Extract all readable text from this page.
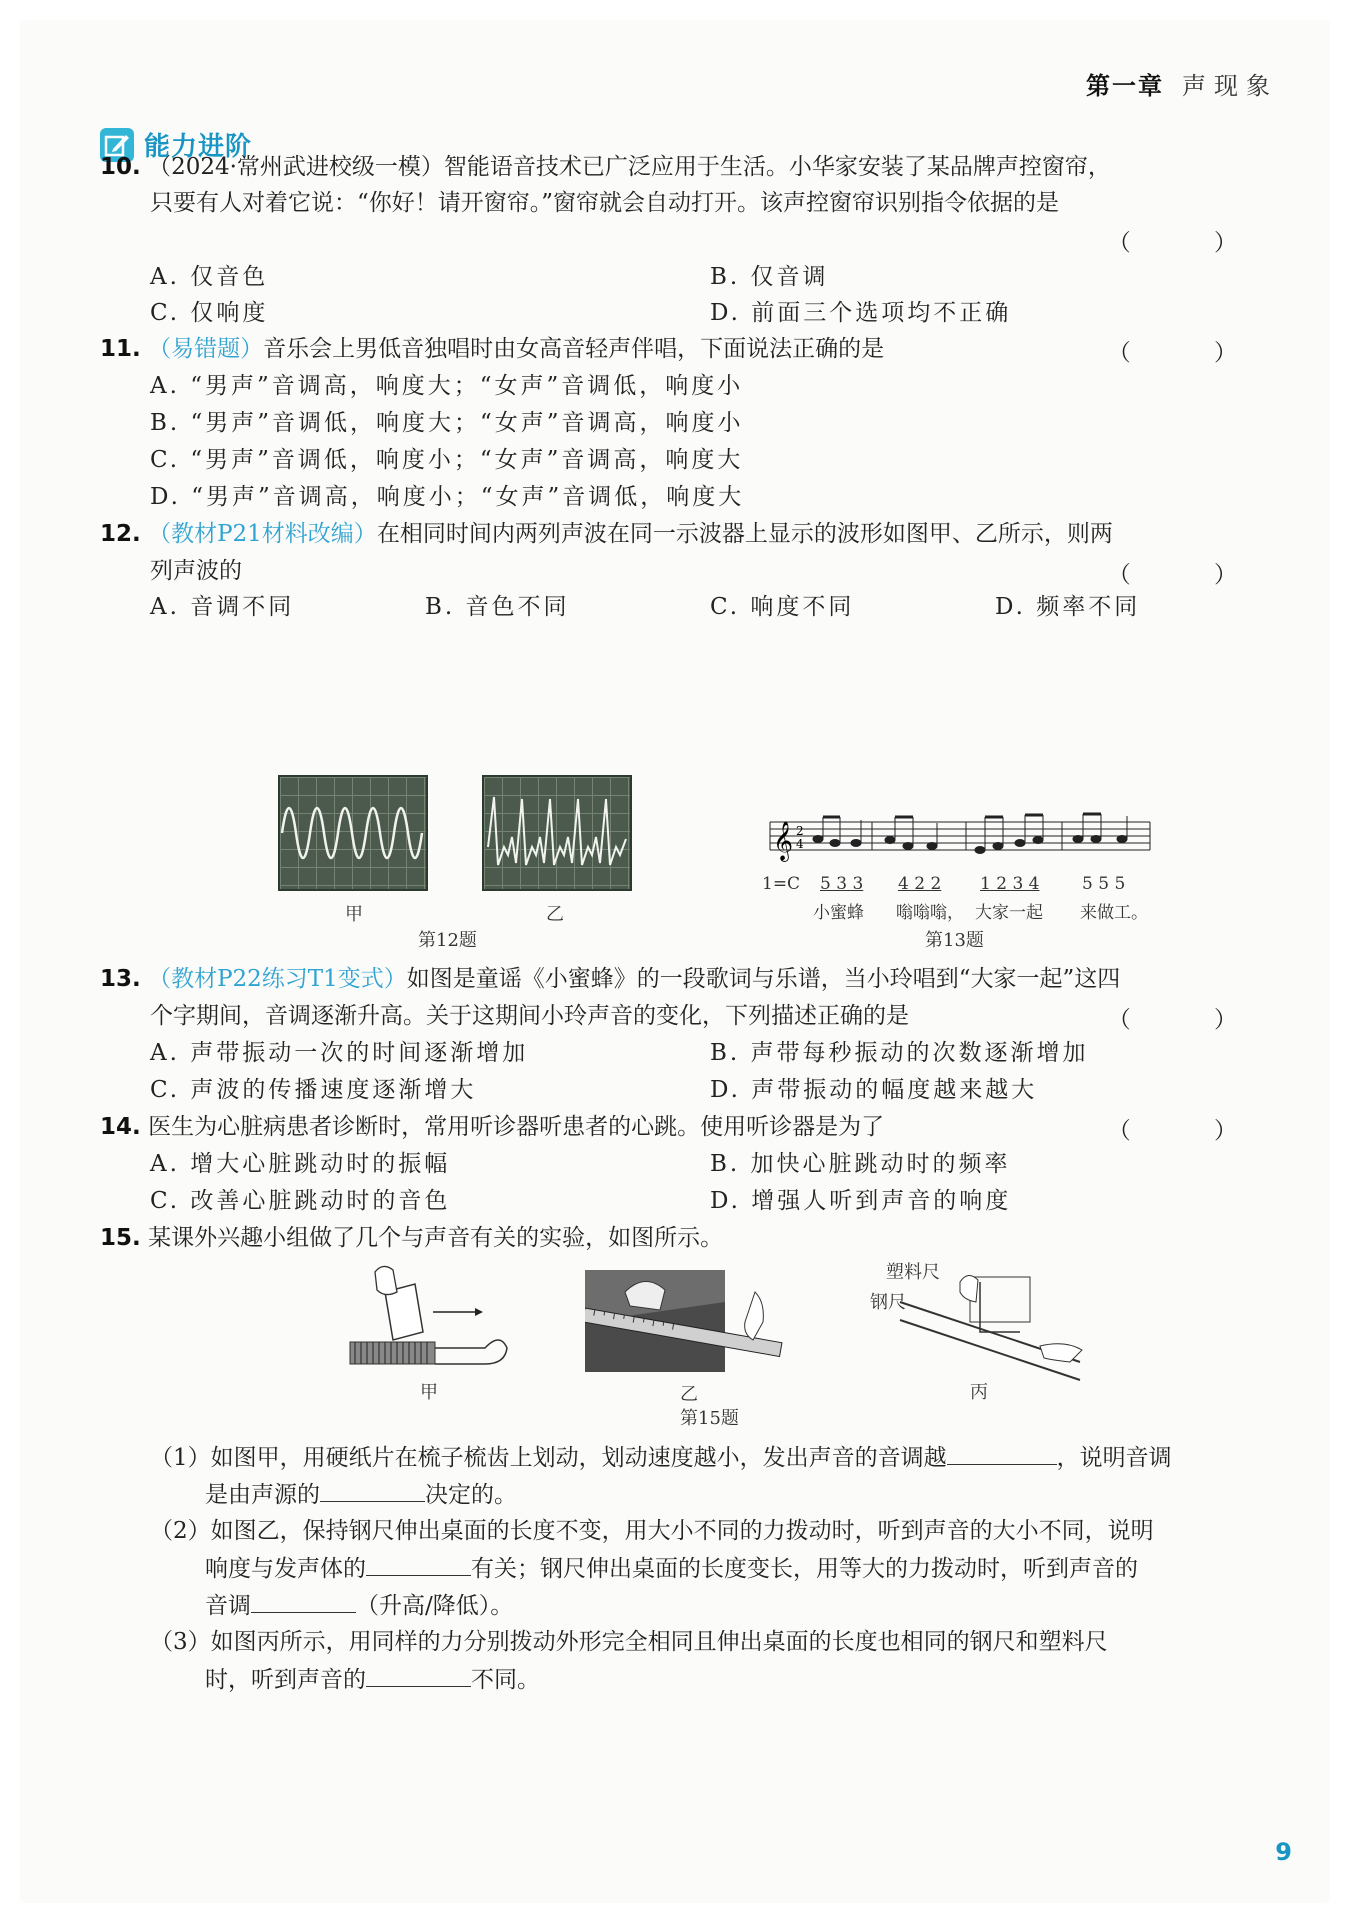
第一章 声现象
能力进阶
10. （2024·常州武进校级一模）智能语音技术已广泛应用于生活。小华家安装了某品牌声控窗帘，
只要有人对着它说：“你好！请开窗帘。”窗帘就会自动打开。该声控窗帘识别指令依据的是
（ ）
A. 仅音色	B. 仅音调
C. 仅响度	D. 前面三个选项均不正确
11. （易错题）音乐会上男低音独唱时由女高音轻声伴唱，下面说法正确的是	（ ）
A. “男声”音调高，响度大；“女声”音调低，响度小
B. “男声”音调低，响度大；“女声”音调高，响度小
C. “男声”音调低，响度小；“女声”音调高，响度大
D. “男声”音调高，响度小；“女声”音调低，响度大
12. （教材P21材料改编）在相同时间内两列声波在同一示波器上显示的波形如图甲、乙所示，则两
列声波的	（ ）
A. 音调不同	B. 音色不同	C. 响度不同	D. 频率不同
甲	乙
第12题
𝄞 2
4
1=C 5 3 3 4 2 2 1 2 3 4	5 5 5
小蜜蜂 嗡嗡嗡， 大家一起 来做工。
第13题
13. （教材P22练习T1变式）如图是童谣《小蜜蜂》的一段歌词与乐谱，当小玲唱到“大家一起”这四
个字期间，音调逐渐升高。关于这期间小玲声音的变化，下列描述正确的是	（ ）
A. 声带振动一次的时间逐渐增加	B. 声带每秒振动的次数逐渐增加
C. 声波的传播速度逐渐增大	D. 声带振动的幅度越来越大
14. 医生为心脏病患者诊断时，常用听诊器听患者的心跳。使用听诊器是为了	（ ）
A. 增大心脏跳动时的振幅	B. 加快心脏跳动时的频率
C. 改善心脏跳动时的音色	D. 增强人听到声音的响度
15. 某课外兴趣小组做了几个与声音有关的实验，如图所示。
塑料尺
钢尺
甲	乙	丙
第15题
（1）如图甲，用硬纸片在梳子梳齿上划动，划动速度越小，发出声音的音调越	，说明音调
是由声源的	决定的。
（2）如图乙，保持钢尺伸出桌面的长度不变，用大小不同的力拨动时，听到声音的大小不同，说明
响度与发声体的	有关；钢尺伸出桌面的长度变长，用等大的力拨动时，听到声音的
音调	（升高/降低）。
（3）如图丙所示，用同样的力分别拨动外形完全相同且伸出桌面的长度也相同的钢尺和塑料尺
时，听到声音的	不同。
9
